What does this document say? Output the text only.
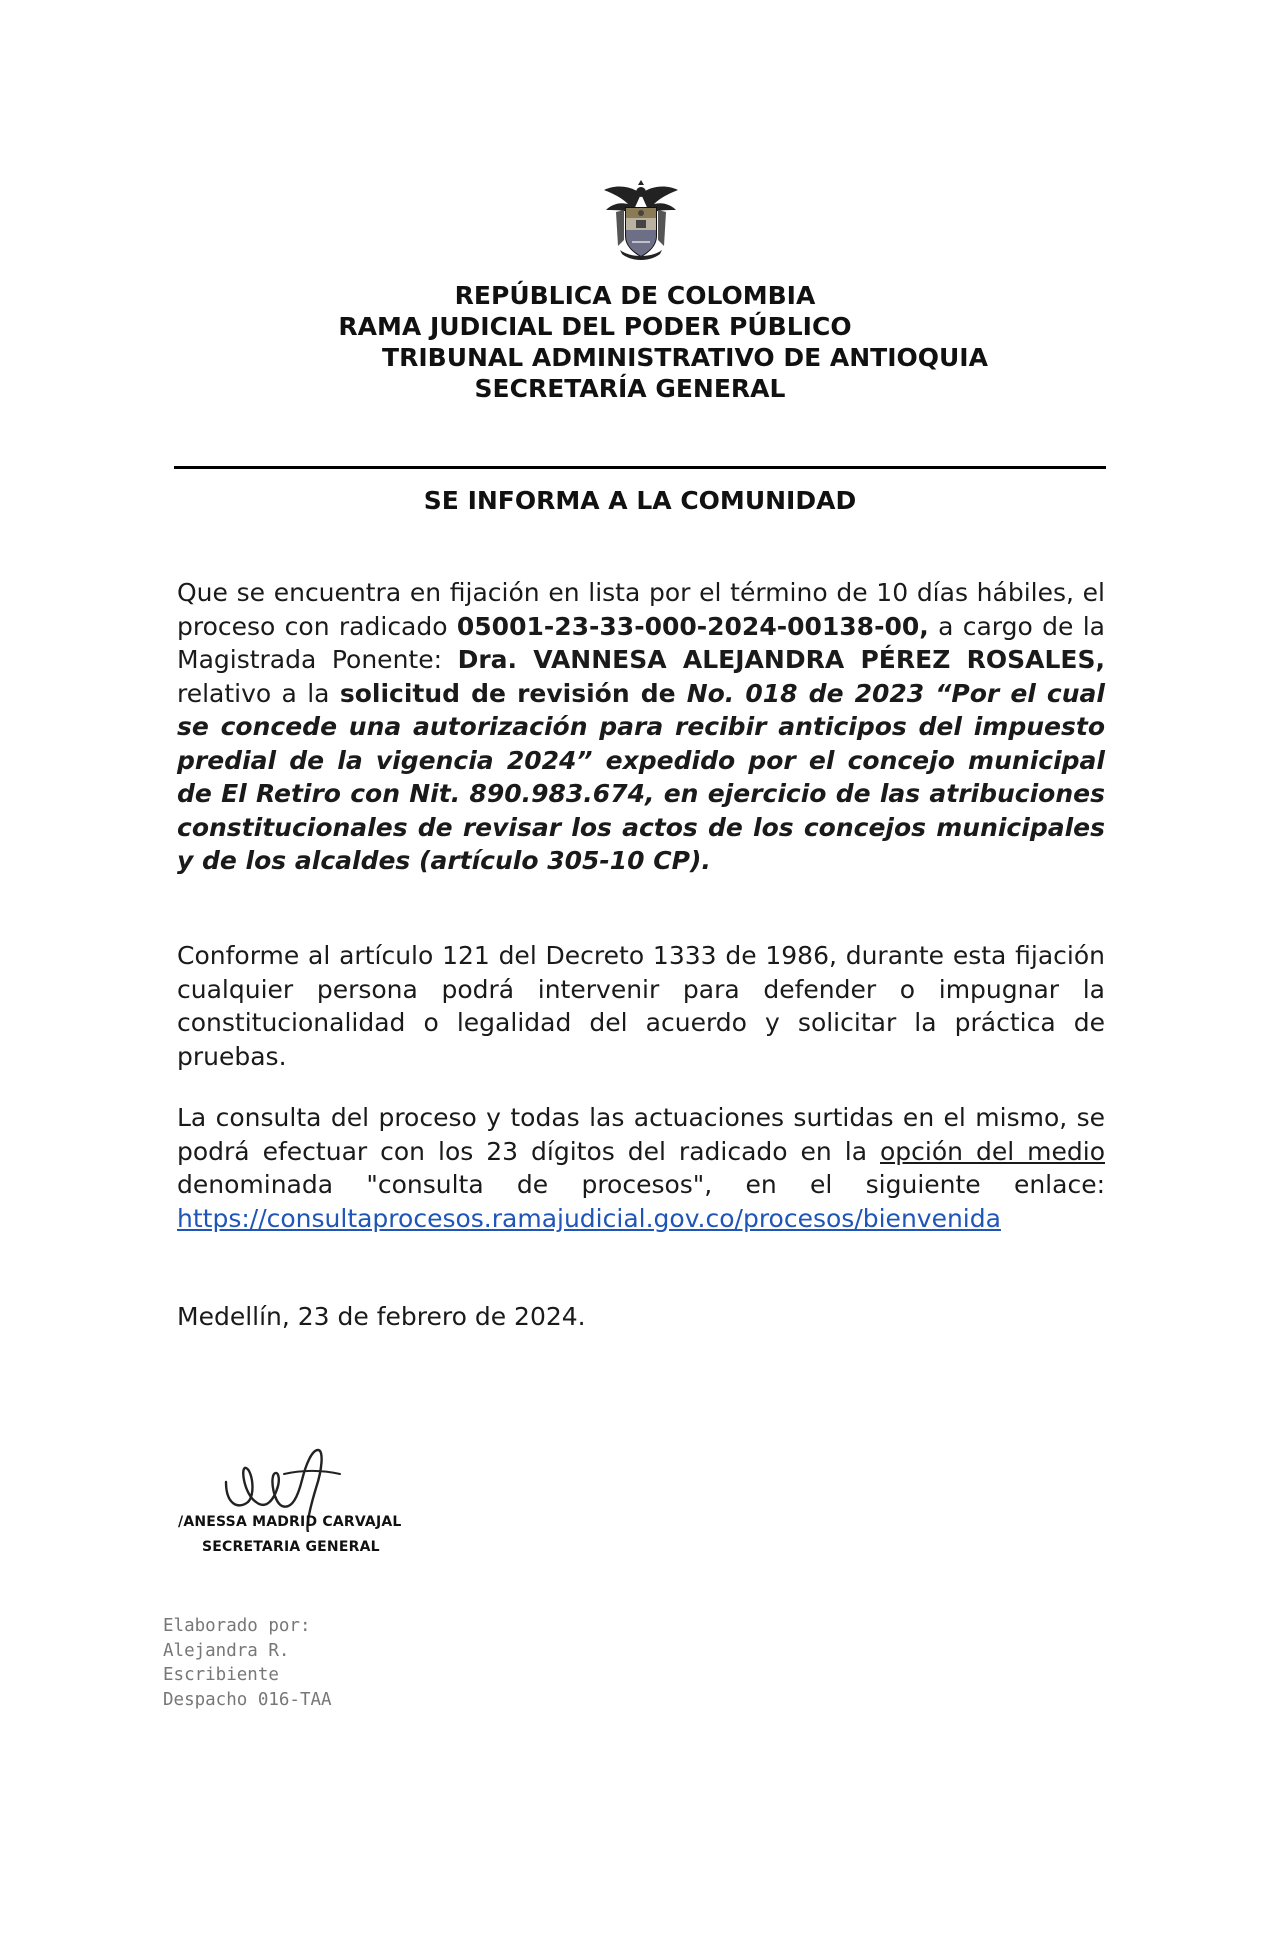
REPÚBLICA DE COLOMBIA
RAMA JUDICIAL DEL PODER PÚBLICO
TRIBUNAL ADMINISTRATIVO DE ANTIOQUIA
SECRETARÍA GENERAL
SE INFORMA A LA COMUNIDAD
Que se encuentra en fijación en lista por el término de 10 días hábiles, el proceso con radicado 05001-23-33-000-2024-00138-00, a cargo de la Magistrada Ponente: Dra. VANNESA ALEJANDRA PÉREZ ROSALES, relativo a la solicitud de revisión de No. 018 de 2023 “Por el cual se concede una autorización para recibir anticipos del impuesto predial de la vigencia 2024” expedido por el concejo municipal de El Retiro con Nit. 890.983.674, en ejercicio de las atribuciones constitucionales de revisar los actos de los concejos municipales y de los alcaldes (artículo 305-10 CP).
Conforme al artículo 121 del Decreto 1333 de 1986, durante esta fijación cualquier persona podrá intervenir para defender o impugnar la constitucionalidad o legalidad del acuerdo y solicitar la práctica de pruebas.
La consulta del proceso y todas las actuaciones surtidas en el mismo, se podrá efectuar con los 23 dígitos del radicado en la opción del medio denominada "consulta de procesos", en el siguiente enlace: https://consultaprocesos.ramajudicial.gov.co/procesos/bienvenida
Medellín, 23 de febrero de 2024.
/ANESSA MADRID CARVAJAL
SECRETARIA GENERAL
Elaborado por:
Alejandra R.
Escribiente
Despacho 016-TAA
